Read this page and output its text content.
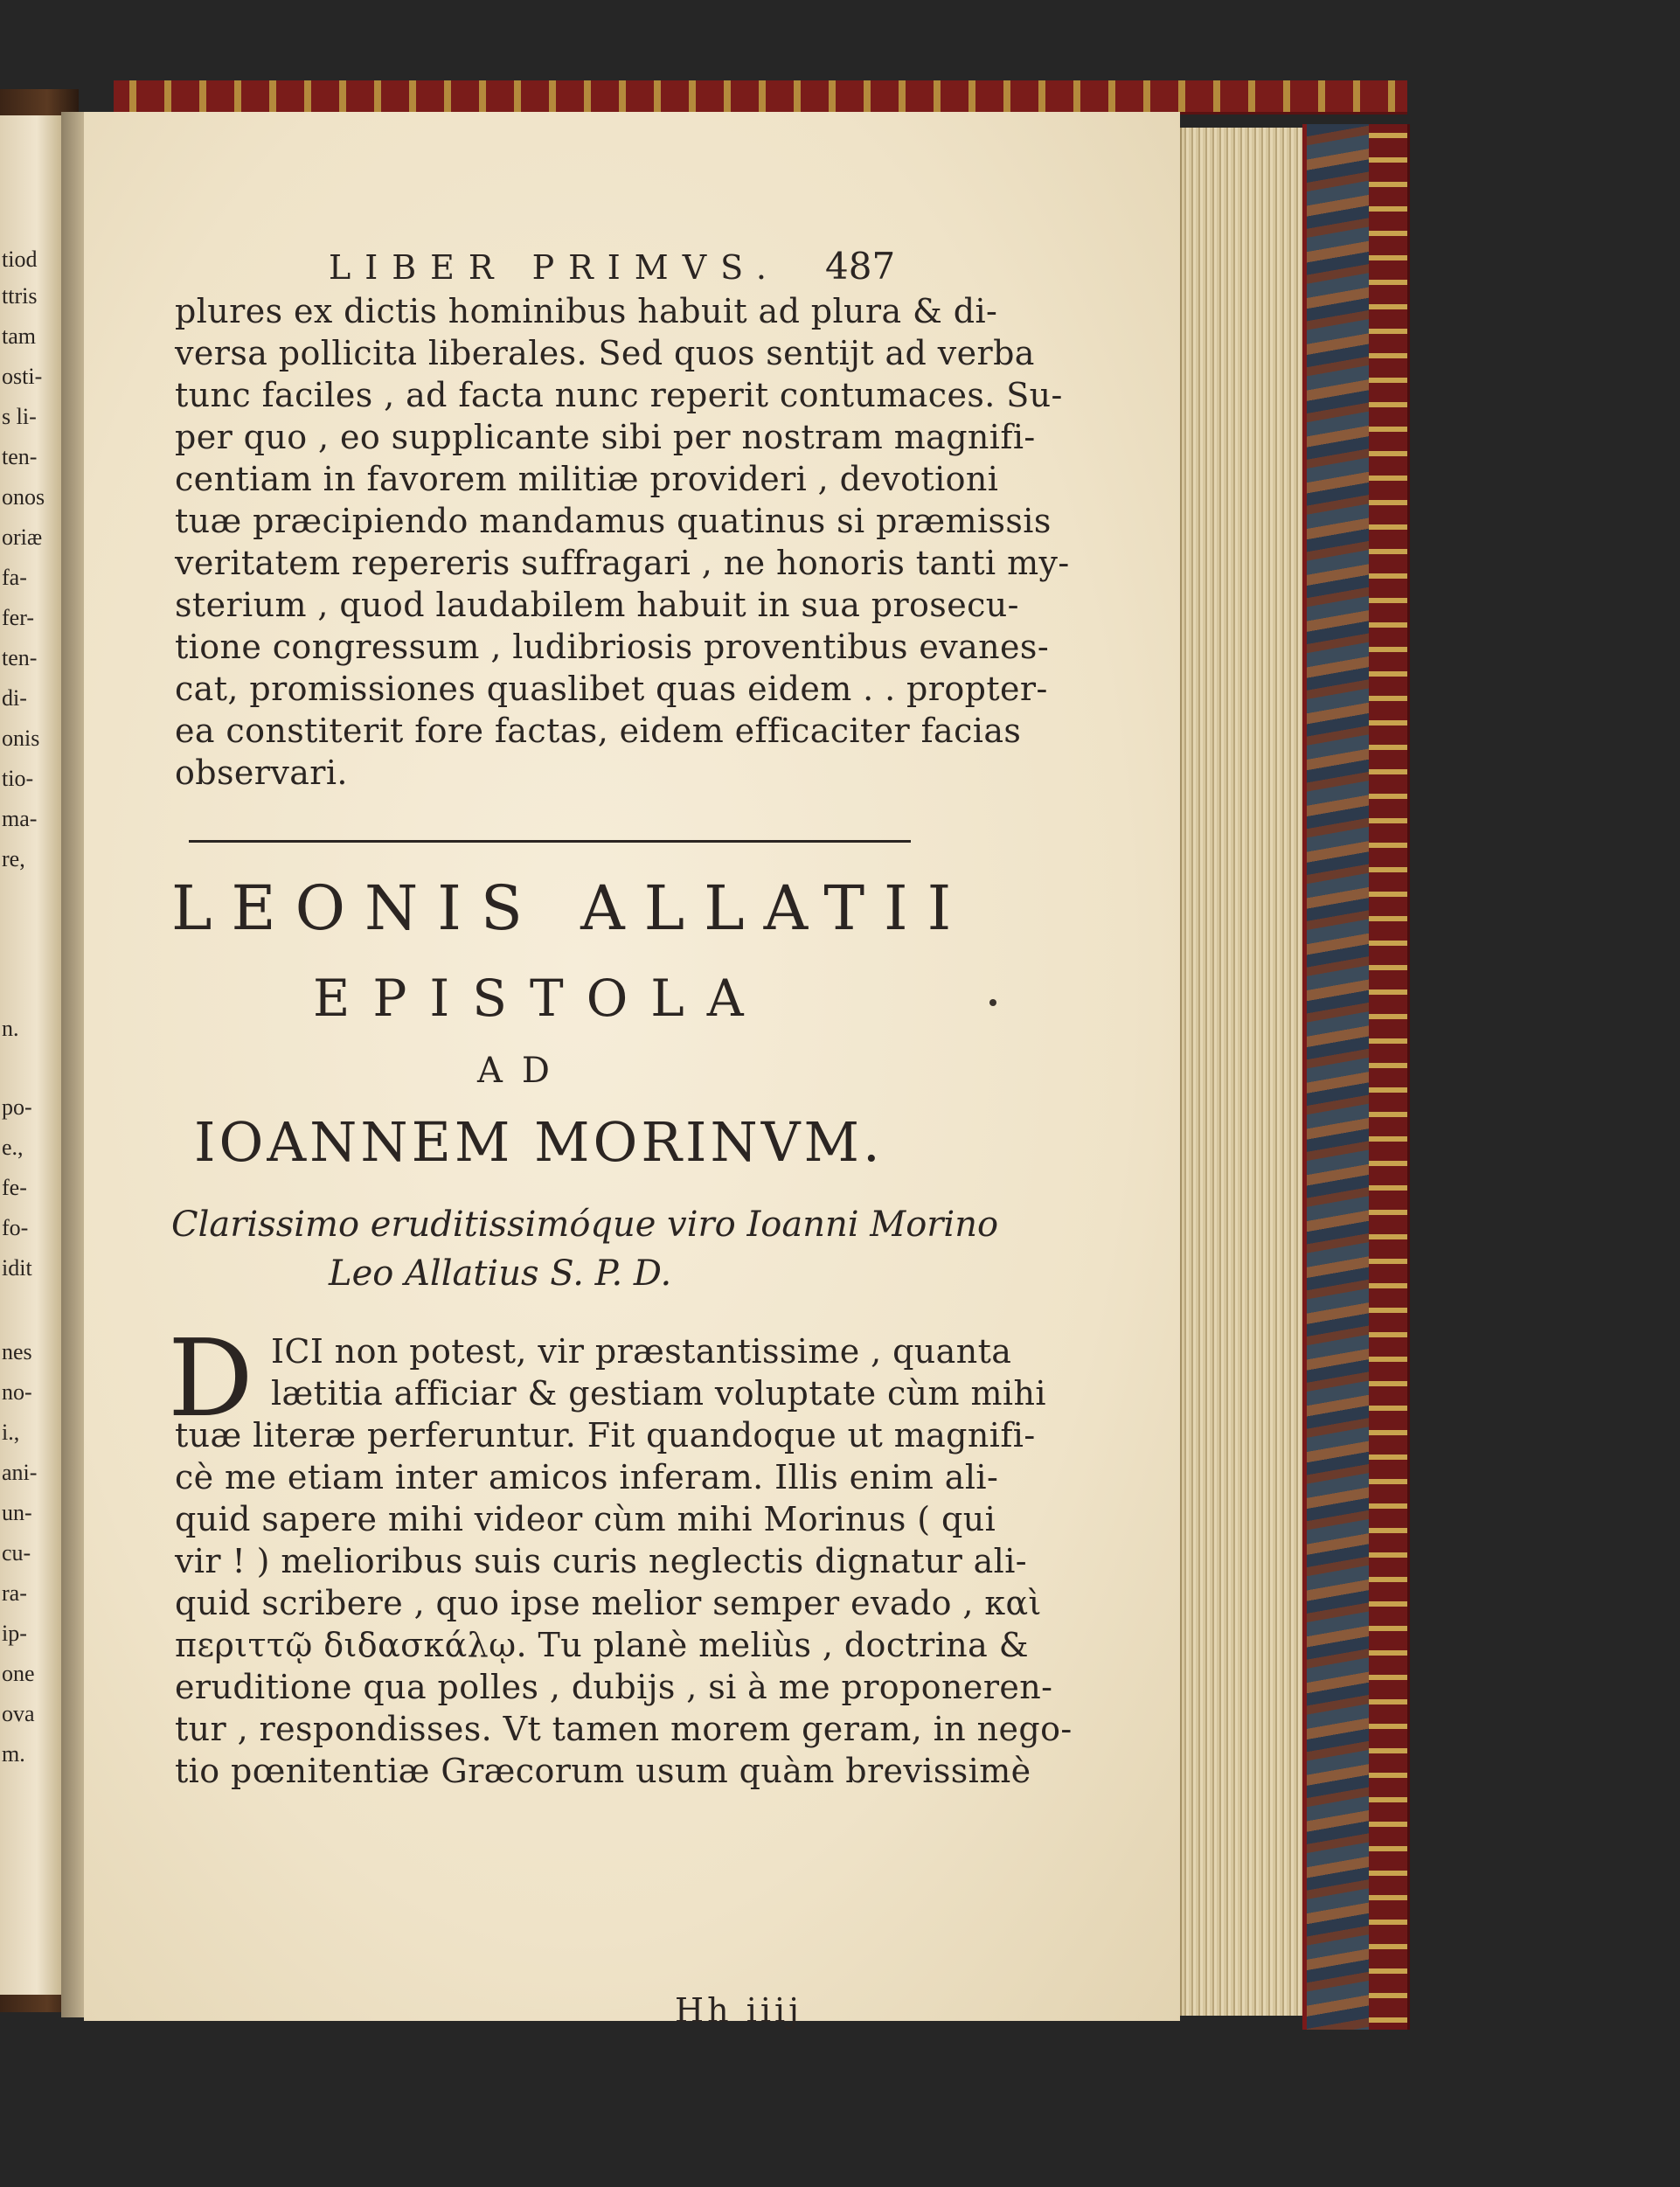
tiod
ttris
tam
osti-
s li-
ten-
onos
oriæ
fa-
fer-
ten-
di-
onis
tio-
ma-
re,
n.
po-
e.,
fe-
fo-
idit
nes
no-
i.,
ani-
un-
cu-
ra-
ip-
one
ova
m.
LIBER PRIMVS. 487
plures ex dictis hominibus habuit ad plura & di-
versa pollicita liberales. Sed quos sentijt ad verba
tunc faciles , ad facta nunc reperit contumaces. Su-
per quo , eo supplicante sibi per nostram magnifi-
centiam in favorem militiæ provideri , devotioni
tuæ præcipiendo mandamus quatinus si præmissis
veritatem repereris suffragari , ne honoris tanti my-
sterium , quod laudabilem habuit in sua prosecu-
tione congressum , ludibriosis proventibus evanes-
cat, promissiones quaslibet quas eidem . . propter-
ea constiterit fore factas, eidem efficaciter facias
observari.
LEONIS ALLATII
EPISTOLA
AD
IOANNEM MORINVM.
Clarissimo eruditissimóque viro Ioanni Morino
Leo Allatius S. P. D.
D ICI non potest, vir præstantissime , quanta
lætitia afficiar & gestiam voluptate cùm mihi
tuæ literæ perferuntur. Fit quandoque ut magnifi-
cè me etiam inter amicos inferam. Illis enim ali-
quid sapere mihi videor cùm mihi Morinus ( qui
vir ! ) melioribus suis curis neglectis dignatur ali-
quid scribere , quo ipse melior semper evado , καὶ
περιττῷ διδασκάλῳ. Tu planè meliùs , doctrina &
eruditione qua polles , dubijs , si à me proponeren-
tur , respondisses. Vt tamen morem geram, in nego-
tio pœnitentiæ Græcorum usum quàm brevissimè
Hh iiij
